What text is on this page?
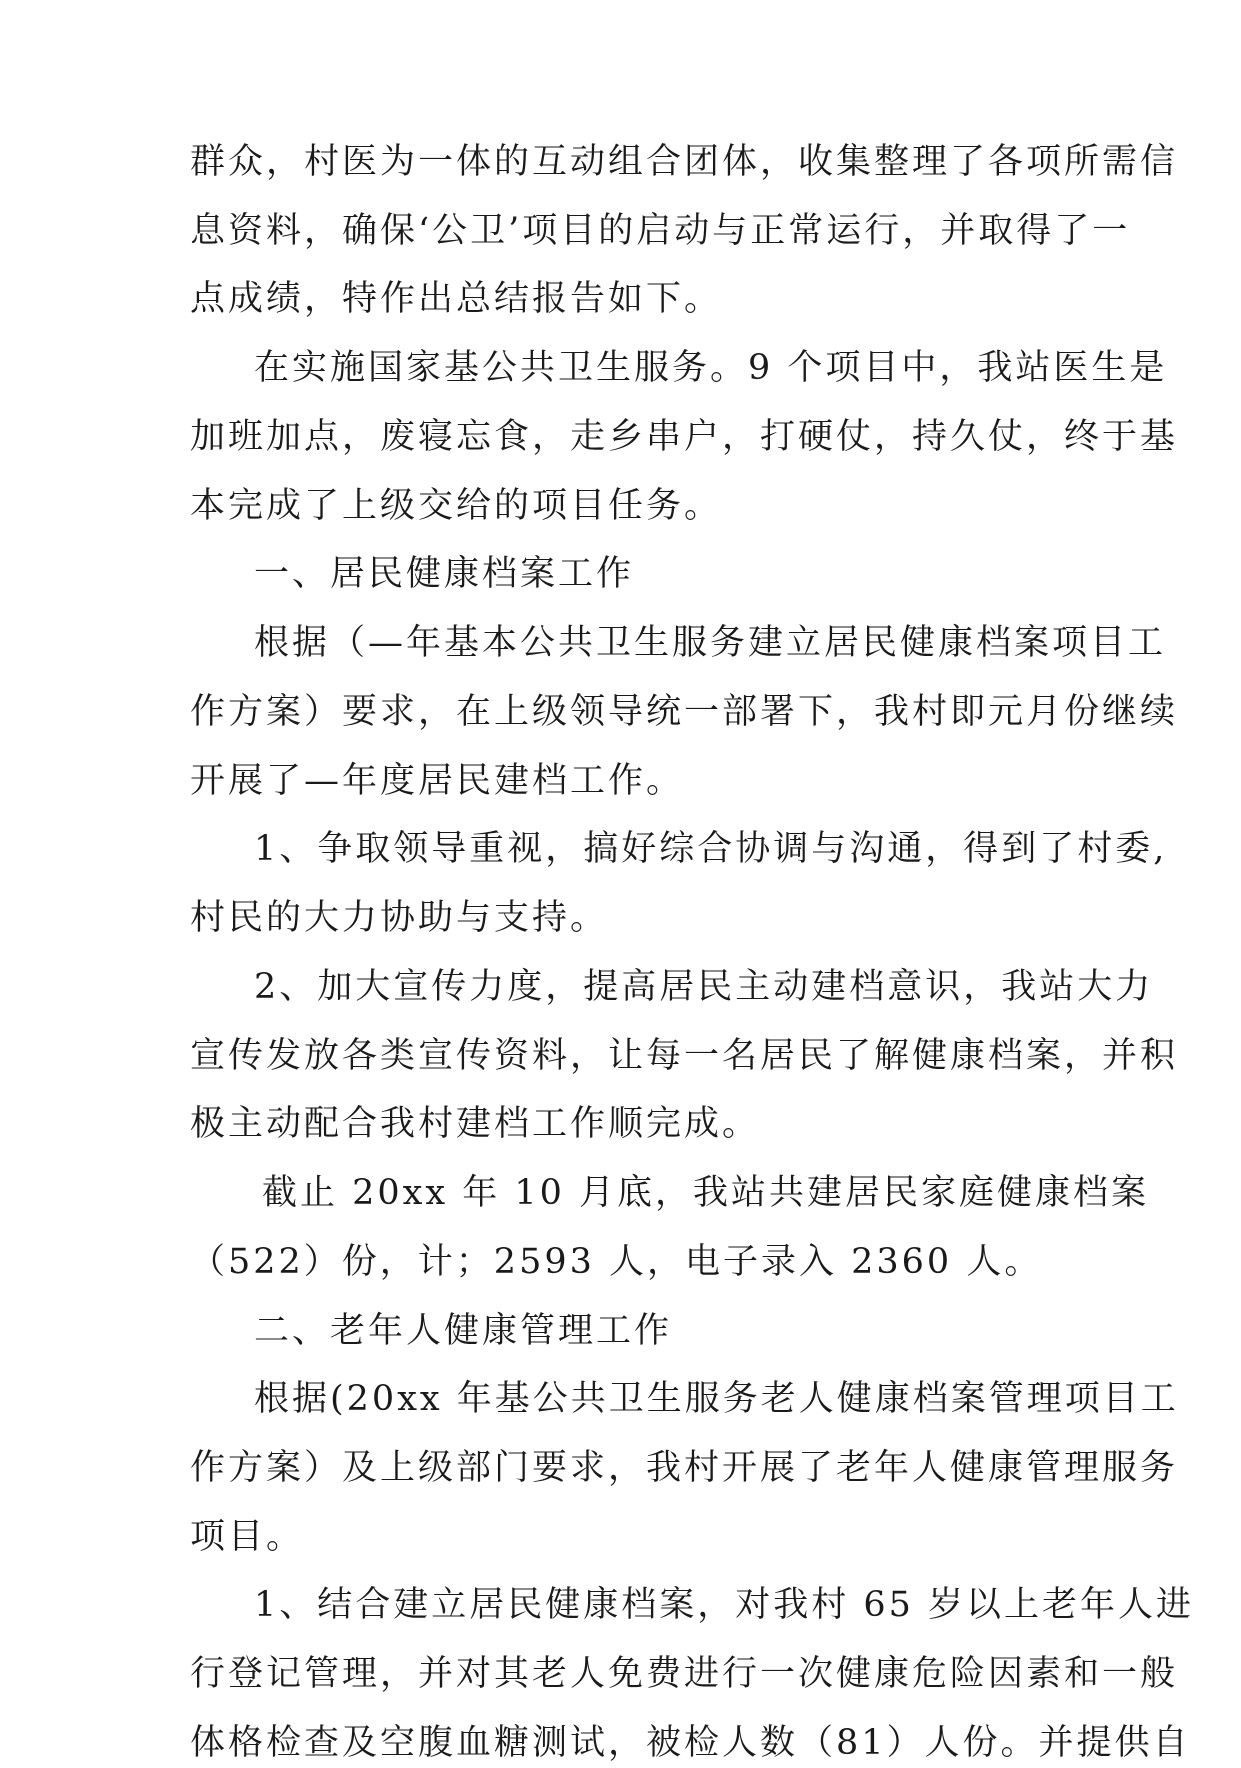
群众，村医为一体的互动组合团体，收集整理了各项所需信
息资料，确保‘公卫’项目的启动与正常运行，并取得了一
点成绩，特作出总结报告如下。
在实施国家基公共卫生服务。9 个项目中，我站医生是
加班加点，废寝忘食，走乡串户，打硬仗，持久仗，终于基
本完成了上级交给的项目任务。
一、居民健康档案工作
根据（—年基本公共卫生服务建立居民健康档案项目工
作方案）要求，在上级领导统一部署下，我村即元月份继续
开展了—年度居民建档工作。
1、争取领导重视，搞好综合协调与沟通，得到了村委,
村民的大力协助与支持。
2、加大宣传力度，提高居民主动建档意识，我站大力
宣传发放各类宣传资料，让每一名居民了解健康档案，并积
极主动配合我村建档工作顺完成。
截止 20xx 年 10 月底，我站共建居民家庭健康档案
（522）份，计；2593 人，电子录入 2360 人。
二、老年人健康管理工作
根据(20xx 年基公共卫生服务老人健康档案管理项目工
作方案）及上级部门要求，我村开展了老年人健康管理服务
项目。
1、结合建立居民健康档案，对我村 65 岁以上老年人进
行登记管理，并对其老人免费进行一次健康危险因素和一般
体格检查及空腹血糖测试，被检人数（81）人份。并提供自
